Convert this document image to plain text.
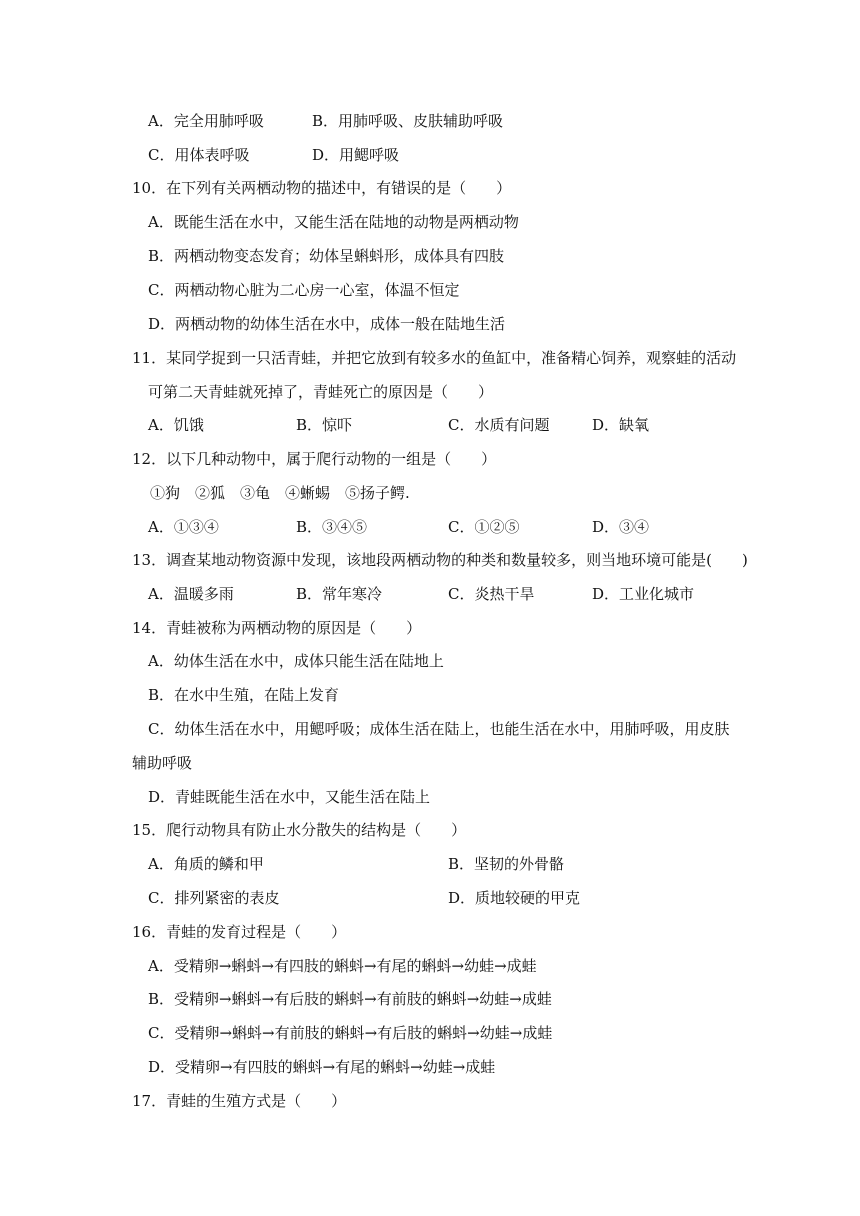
A．完全用肺呼吸	B．用肺呼吸、皮肤辅助呼吸
C．用体表呼吸	D．用鳃呼吸
10．在下列有关两栖动物的描述中，有错误的是（　　）
A．既能生活在水中，又能生活在陆地的动物是两栖动物
B．两栖动物变态发育；幼体呈蝌蚪形，成体具有四肢
C．两栖动物心脏为二心房一心室，体温不恒定
D．两栖动物的幼体生活在水中，成体一般在陆地生活
11．某同学捉到一只活青蛙，并把它放到有较多水的鱼缸中，准备精心饲养，观察蛙的活动
可第二天青蛙就死掉了，青蛙死亡的原因是（　　）
A．饥饿	B．惊吓	C．水质有问题	D．缺氧
12．以下几种动物中，属于爬行动物的一组是（　　）
①狗　②狐　③龟　④蜥蜴　⑤扬子鳄.
A．①③④	B．③④⑤	C．①②⑤	D．③④
13．调查某地动物资源中发现，该地段两栖动物的种类和数量较多，则当地环境可能是(　　)
A．温暖多雨	B．常年寒冷	C．炎热干旱	D．工业化城市
14．青蛙被称为两栖动物的原因是（　　）
A．幼体生活在水中，成体只能生活在陆地上
B．在水中生殖，在陆上发育
C．幼体生活在水中，用鳃呼吸；成体生活在陆上，也能生活在水中，用肺呼吸，用皮肤
辅助呼吸
D．青蛙既能生活在水中，又能生活在陆上
15．爬行动物具有防止水分散失的结构是（　　）
A．角质的鳞和甲	B．坚韧的外骨骼
C．排列紧密的表皮	D．质地较硬的甲克
16．青蛙的发育过程是（　　）
A．受精卵→蝌蚪→有四肢的蝌蚪→有尾的蝌蚪→幼蛙→成蛙
B．受精卵→蝌蚪→有后肢的蝌蚪→有前肢的蝌蚪→幼蛙→成蛙
C．受精卵→蝌蚪→有前肢的蝌蚪→有后肢的蝌蚪→幼蛙→成蛙
D．受精卵→有四肢的蝌蚪→有尾的蝌蚪→幼蛙→成蛙
17．青蛙的生殖方式是（　　）
